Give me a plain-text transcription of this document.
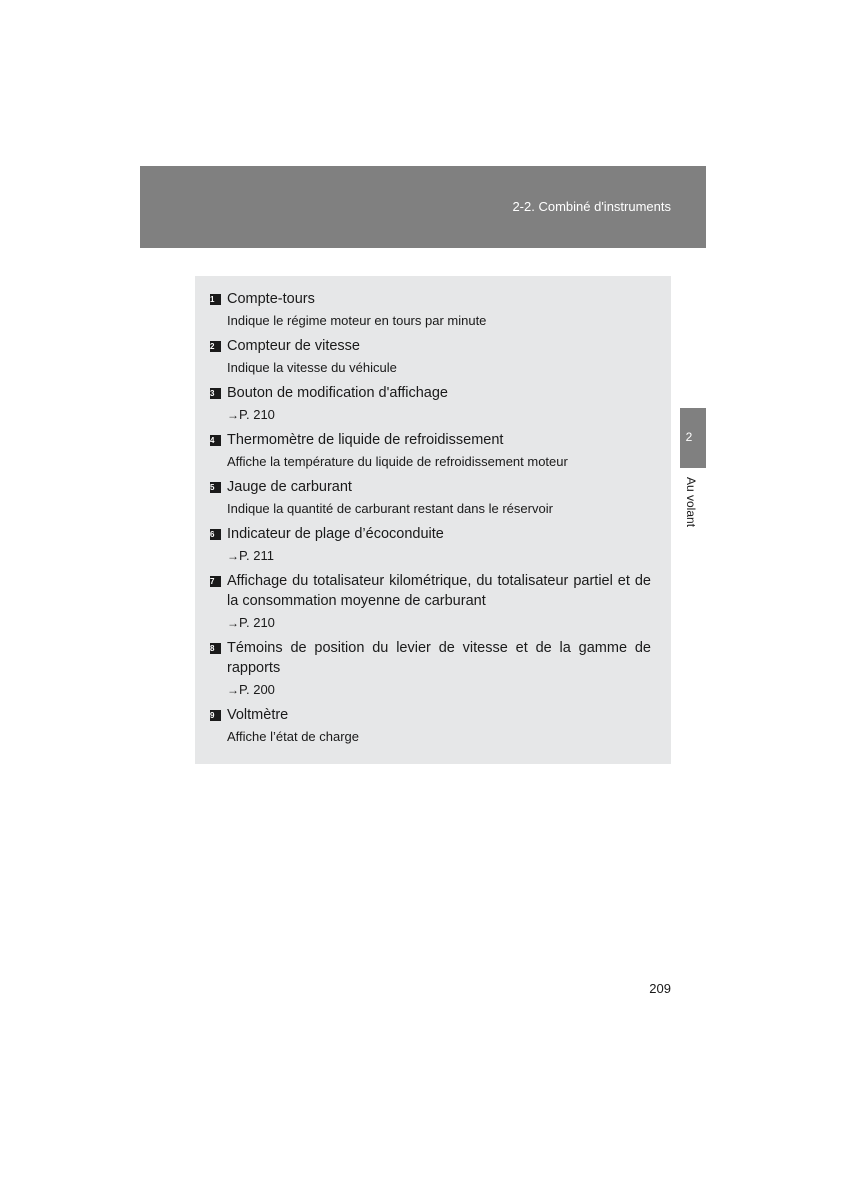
2-2. Combiné d'instruments
2
Au volant
1 Compte-tours
Indique le régime moteur en tours par minute
2 Compteur de vitesse
Indique la vitesse du véhicule
3 Bouton de modification d'affichage
→P. 210
4 Thermomètre de liquide de refroidissement
Affiche la température du liquide de refroidissement moteur
5 Jauge de carburant
Indique la quantité de carburant restant dans le réservoir
6 Indicateur de plage d’écoconduite
→P. 211
7 Affichage du totalisateur kilométrique, du totalisateur partiel et de la consommation moyenne de carburant
→P. 210
8 Témoins de position du levier de vitesse et de la gamme de rapports
→P. 200
9 Voltmètre
Affiche l’état de charge
209
